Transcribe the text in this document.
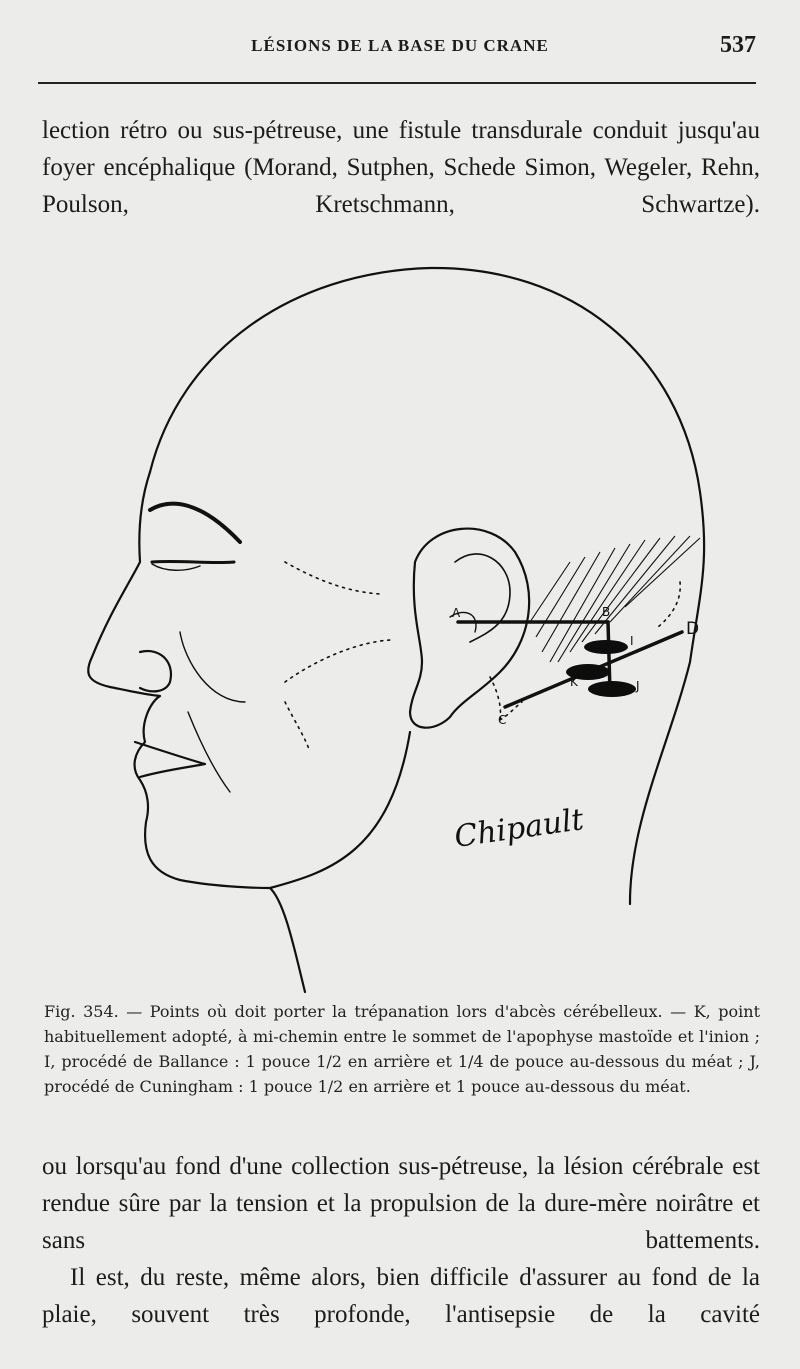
LÉSIONS DE LA BASE DU CRANE	537

lection rétro ou sus-pétreuse, une fistule transdurale conduit jusqu'au foyer encéphalique (Morand, Sutphen, Schede Simon, Wegeler, Rehn, Poulson, Kretschmann, Schwartze).

A	B
C
D
I
K	J
Chipault

Fig. 354. — Points où doit porter la trépanation lors d'abcès cérébelleux. — K, point habituellement adopté, à mi-chemin entre le sommet de l'apophyse mastoïde et l'inion ; I, procédé de Ballance : 1 pouce 1/2 en arrière et 1/4 de pouce au-dessous du méat ; J, procédé de Cuningham : 1 pouce 1/2 en arrière et 1 pouce au-dessous du méat.

ou lorsqu'au fond d'une collection sus-pétreuse, la lésion cérébrale est rendue sûre par la tension et la propulsion de la dure-mère noirâtre et sans battements.

Il est, du reste, même alors, bien difficile d'assurer au fond de la plaie, souvent très profonde, l'antisepsie de la cavité
